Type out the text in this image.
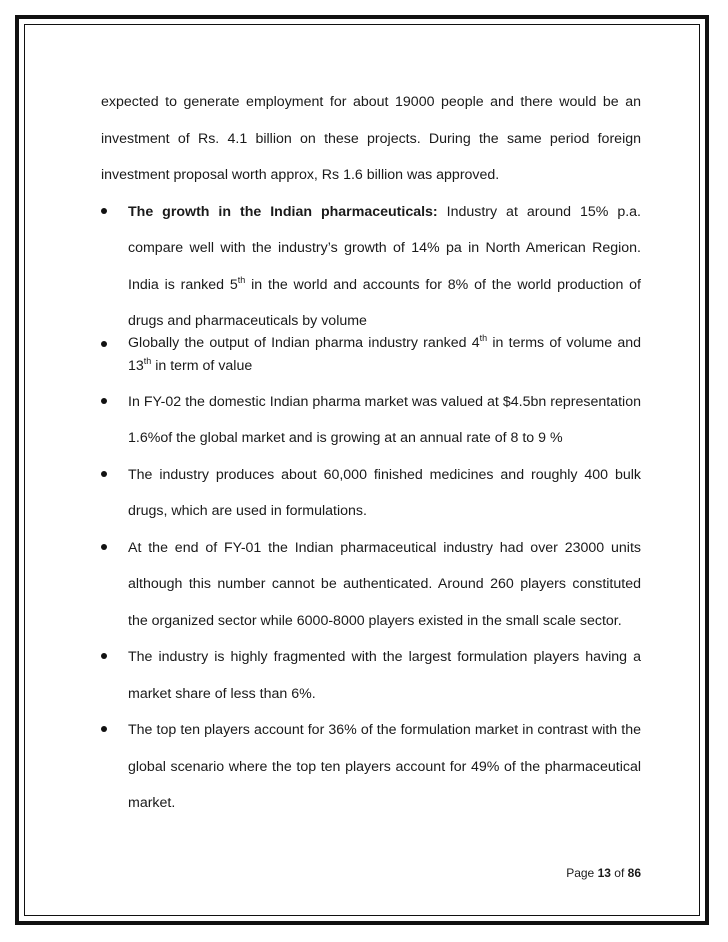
expected to generate employment for about 19000 people and there would be an investment of Rs. 4.1 billion on these projects. During the same period foreign investment proposal worth approx, Rs 1.6 billion was approved.

The growth in the Indian pharmaceuticals: Industry at around 15% p.a. compare well with the industry’s growth of 14% pa in North American Region. India is ranked 5th in the world and accounts for 8% of the world production of drugs and pharmaceuticals by volume

Globally the output of Indian pharma industry ranked 4th in terms of volume and 13th in term of value

In FY-02 the domestic Indian pharma market was valued at $4.5bn representation 1.6%of the global market and is growing at an annual rate of 8 to 9 %

The industry produces about 60,000 finished medicines and roughly 400 bulk drugs, which are used in formulations.

At the end of FY-01 the Indian pharmaceutical industry had over 23000 units although this number cannot be authenticated. Around 260 players constituted the organized sector while 6000-8000 players existed in the small scale sector.

The industry is highly fragmented with the largest formulation players having a market share of less than 6%.

The top ten players account for 36% of the formulation market in contrast with the global scenario where the top ten players account for 49% of the pharmaceutical market.

Page 13 of 86
